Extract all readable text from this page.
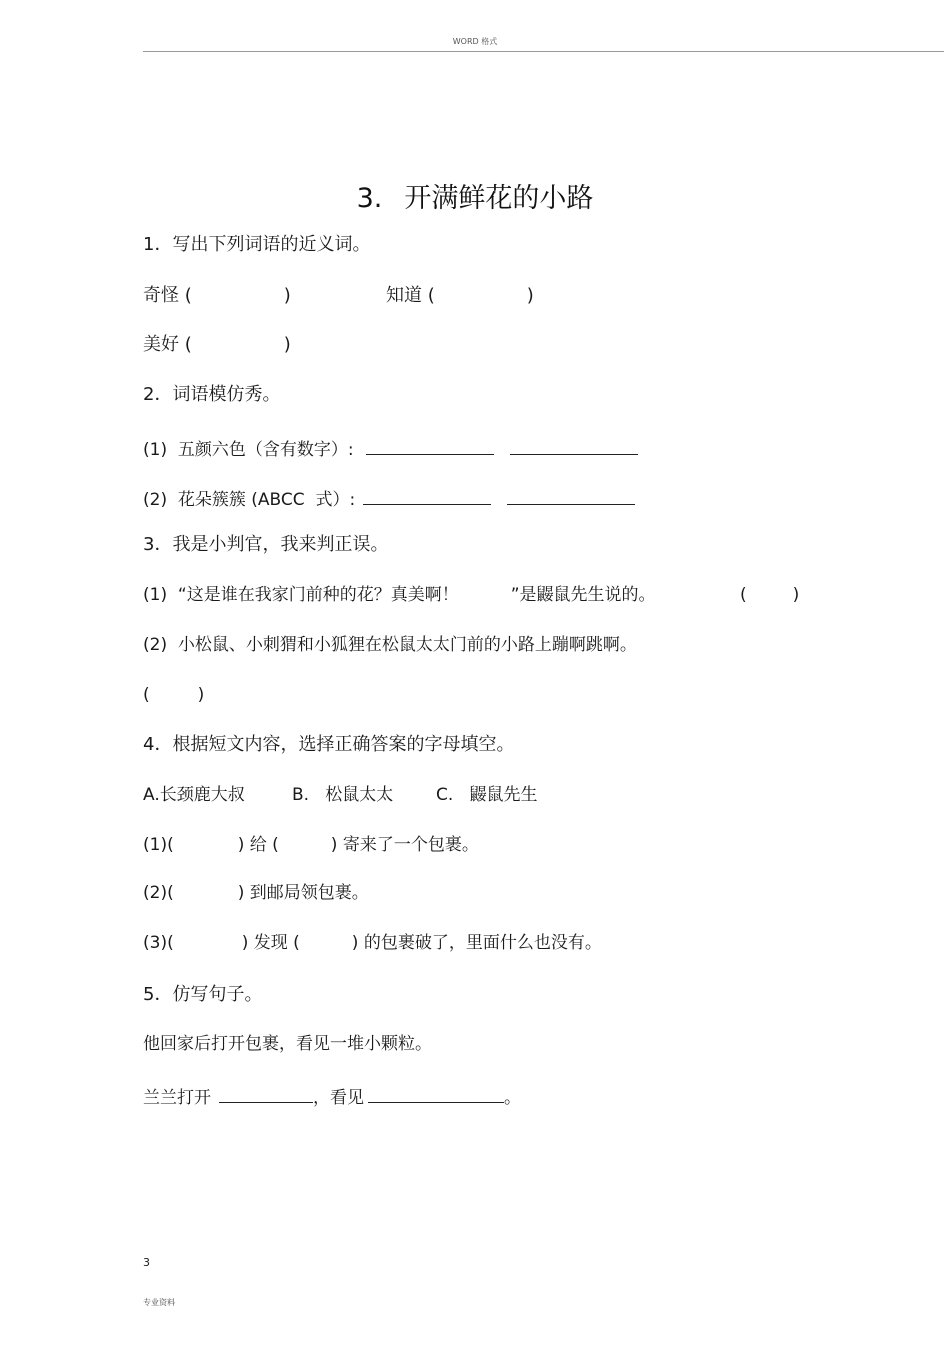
WORD 格式
3. 开满鲜花的小路
1．写出下列词语的近义词。
奇怪 (	)	知道 (	)
美好 (	)
2．词语模仿秀。
(1)  五颜六色（含有数字）:
(2)  花朵簇簇 (ABCC  式）:
3．我是小判官，我来判正误。
(1)  “这是谁在我家门前种的花？真美啊！	”是鼹鼠先生说的。	(	)
(2)  小松鼠、小刺猬和小狐狸在松鼠太太门前的小路上蹦啊跳啊。
(	)
4．根据短文内容，选择正确答案的字母填空。
A.长颈鹿大叔	B.   松鼠太太	C.   鼹鼠先生
(1)(	) 给 (	) 寄来了一个包裹。
(2)(	) 到邮局领包裹。
(3)(	) 发现 (	) 的包裹破了，里面什么也没有。
5．仿写句子。
他回家后打开包裹，看见一堆小颗粒。
兰兰打开	，看见	。
3
专业资料
